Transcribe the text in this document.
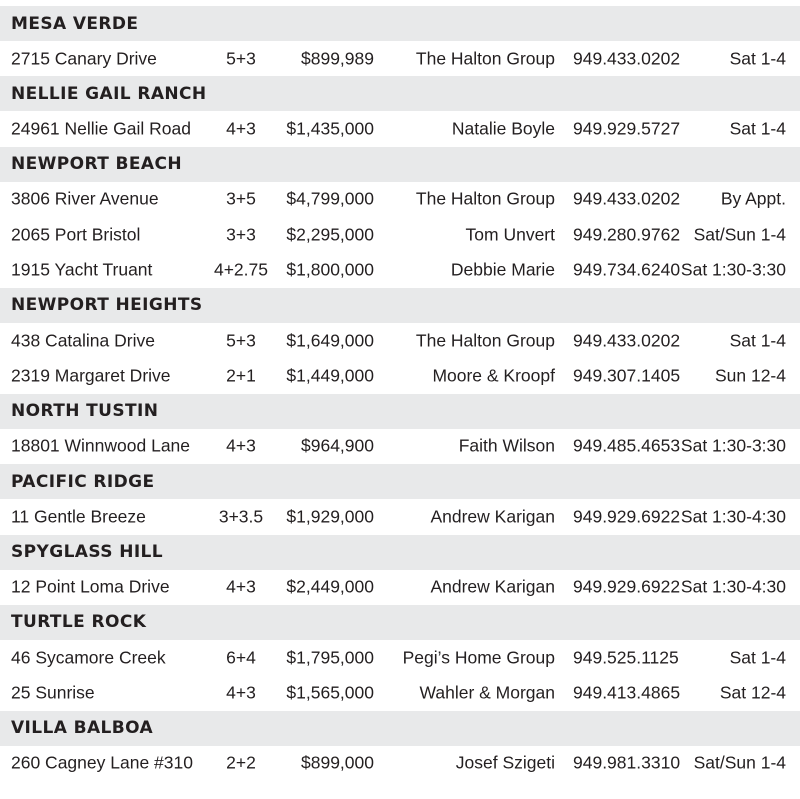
MESA VERDE
2715 Canary Drive	5+3	$899,989 The Halton Group 949.433.0202	Sat 1-4
NELLIE GAIL RANCH
24961 Nellie Gail Road	4+3	$1,435,000	Natalie Boyle 949.929.5727	Sat 1-4
NEWPORT BEACH
3806 River Avenue	3+5	$4,799,000 The Halton Group 949.433.0202 By Appt.
2065 Port Bristol	3+3	$2,295,000	Tom Unvert 949.280.9762 Sat/Sun 1-4
1915 Yacht Truant	4+2.75	$1,800,000	Debbie Marie 949.734.6240 Sat 1:30-3:30
NEWPORT HEIGHTS
438 Catalina Drive	5+3	$1,649,000 The Halton Group 949.433.0202	Sat 1-4
2319 Margaret Drive	2+1	$1,449,000	Moore & Kroopf 949.307.1405 Sun 12-4
NORTH TUSTIN
18801 Winnwood Lane	4+3	$964,900	Faith Wilson 949.485.4653 Sat 1:30-3:30
PACIFIC RIDGE
11 Gentle Breeze	3+3.5	$1,929,000	Andrew Karigan 949.929.6922 Sat 1:30-4:30
SPYGLASS HILL
12 Point Loma Drive	4+3	$2,449,000	Andrew Karigan 949.929.6922 Sat 1:30-4:30
TURTLE ROCK
46 Sycamore Creek	6+4	$1,795,000 Pegi’s Home Group 949.525.1125	Sat 1-4
25 Sunrise	4+3	$1,565,000	Wahler & Morgan 949.413.4865 Sat 12-4
VILLA BALBOA
260 Cagney Lane #310	2+2	$899,000	Josef Szigeti 949.981.3310 Sat/Sun 1-4
